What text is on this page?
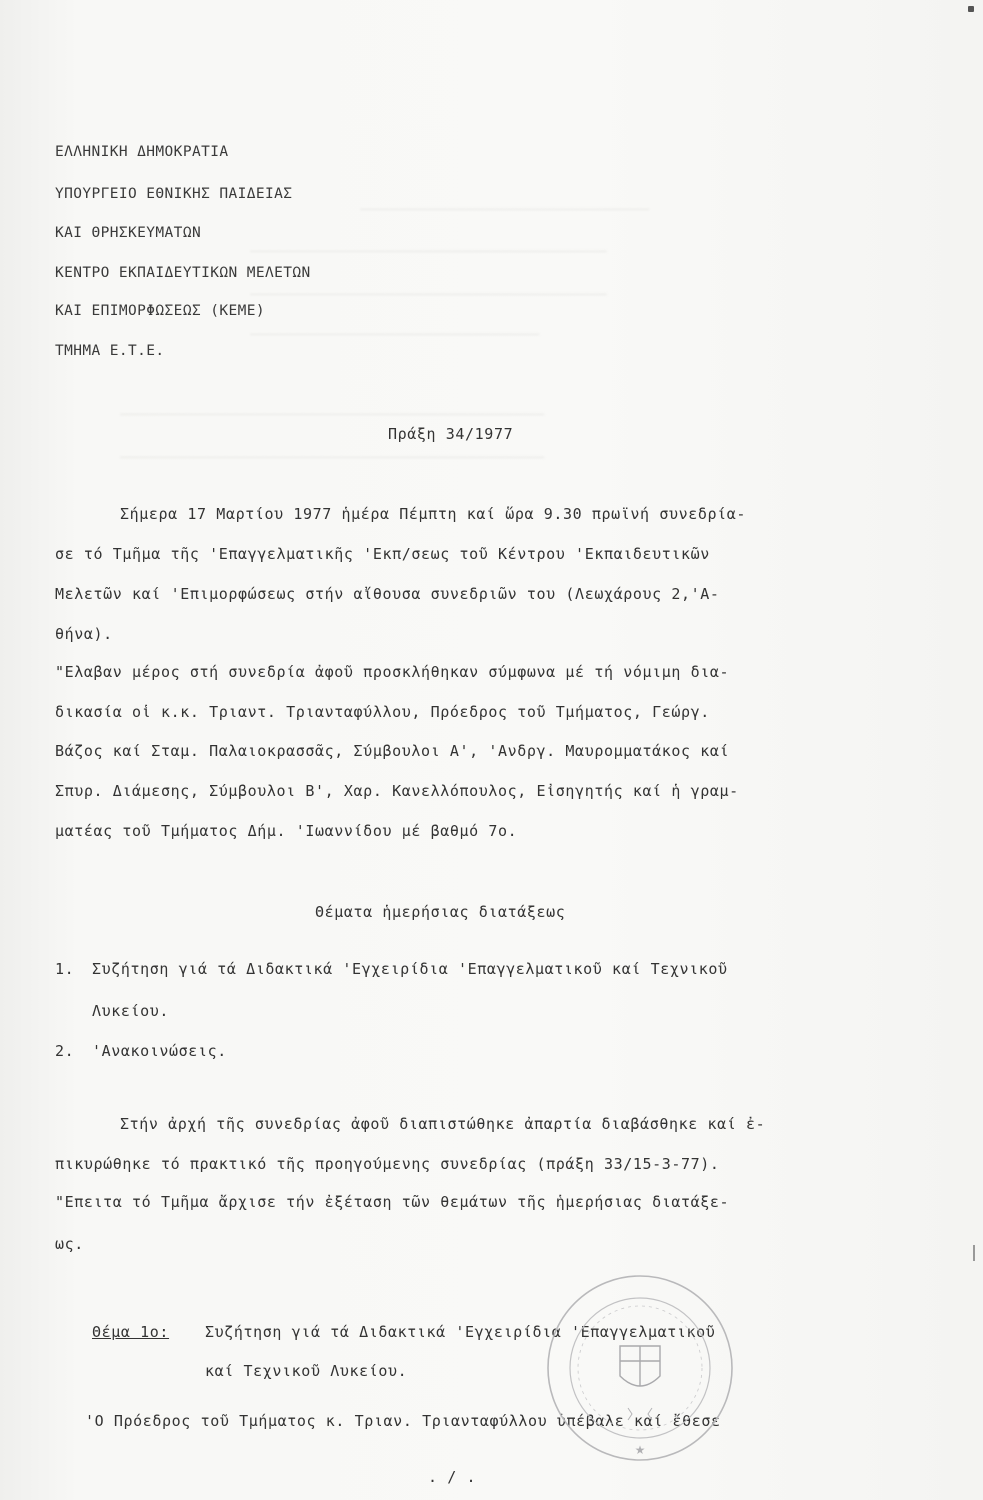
──────────────────────────────
─────────────────────────────────────
─────────────────────────────────────
──────────────────────────────
────────────────────────────────────────────
────────────────────────────────────────────
ΕΛΛΗΝΙΚΗ ΔΗΜΟΚΡΑΤΙΑ
ΥΠΟΥΡΓΕΙΟ ΕΘΝΙΚΗΣ ΠΑΙΔΕΙΑΣ
ΚΑΙ ΘΡΗΣΚΕΥΜΑΤΩΝ
ΚΕΝΤΡΟ ΕΚΠΑΙΔΕΥΤΙΚΩΝ ΜΕΛΕΤΩΝ
ΚΑΙ ΕΠΙΜΟΡΦΩΣΕΩΣ (ΚΕΜΕ)
ΤΜΗΜΑ Ε.Τ.Ε.
Πράξη 34/1977
Σήμερα 17 Μαρτίου 1977 ἡμέρα Πέμπτη καί ὥρα 9.30 πρωϊνή συνεδρία-
σε τό Τμῆμα τῆς 'Επαγγελματικῆς 'Εκπ/σεως τοῦ Κέντρου 'Εκπαιδευτικῶν
Μελετῶν καί 'Επιμορφώσεως στήν αἴθουσα συνεδριῶν του (Λεωχάρους 2,'Α-
θήνα).
"Ελαβαν μέρος στή συνεδρία ἀφοῦ προσκλήθηκαν σύμφωνα μέ τή νόμιμη δια-
δικασία οἱ κ.κ. Τριαντ. Τριανταφύλλου, Πρόεδρος τοῦ Τμήματος, Γεώργ.
Βάζος καί Σταμ. Παλαιοκρασσᾶς, Σύμβουλοι Α', 'Ανδργ. Μαυρομματάκος καί
Σπυρ. Διάμεσης, Σύμβουλοι Β', Χαρ. Κανελλόπουλος, Εἰσηγητής καί ἡ γραμ-
ματέας τοῦ Τμήματος Δήμ. 'Ιωαννίδου μέ βαθμό 7ο.
Θέματα ἡμερήσιας διατάξεως
1. Συζήτηση γιά τά Διδακτικά 'Εγχειρίδια 'Επαγγελματικοῦ καί Τεχνικοῦ
Λυκείου.
2. 'Ανακοινώσεις.
Στήν ἀρχή τῆς συνεδρίας ἀφοῦ διαπιστώθηκε ἀπαρτία διαβάσθηκε καί ἐ-
πικυρώθηκε τό πρακτικό τῆς προηγούμενης συνεδρίας (πράξη 33/15-3-77).
"Επειτα τό Τμῆμα ἄρχισε τήν ἐξέταση τῶν θεμάτων τῆς ἡμερήσιας διατάξε-
ως.
Θέμα 1ο: Συζήτηση γιά τά Διδακτικά 'Εγχειρίδια 'Επαγγελματικοῦ
καί Τεχνικοῦ Λυκείου.
'Ο Πρόεδρος τοῦ Τμήματος κ. Τριαν. Τριανταφύλλου ὑπέβαλε καί ἔθεσε
. / .
★
